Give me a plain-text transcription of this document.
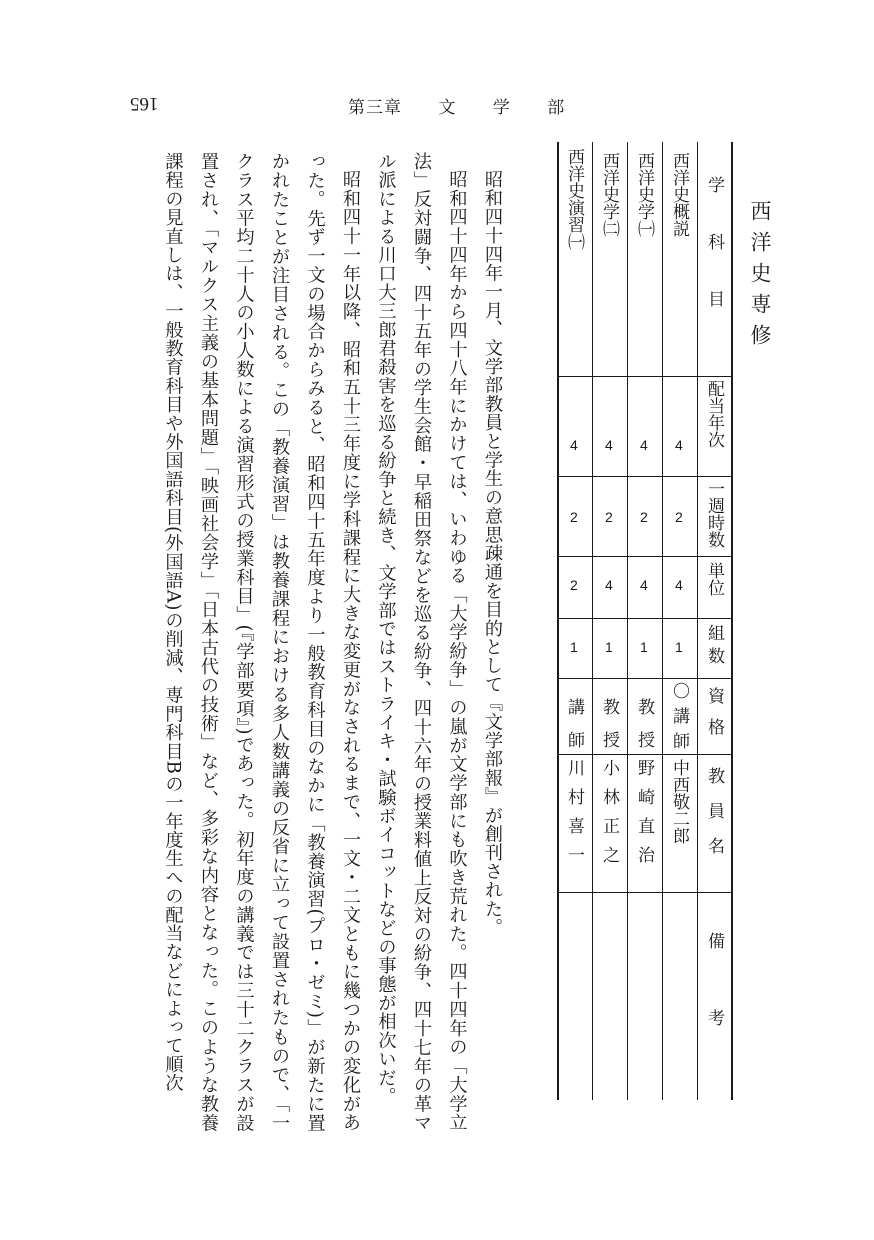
165	第三章 文 学 部
西洋史専修
学科目
配当年次
一週時数
単位
組数
資格
教員名
備考
西洋史概説
4
2
4
1
〇講師
中西敬二郎
西洋史学㈠
4
2
4
1
教授
野崎直治
西洋史学㈡
4
2
4
1
教授
小林正之
西洋史演習㈠
4
2
2
1
講師
川村喜一

昭和四十四年一月、文学部教員と学生の意思疎通を目的として『文学部報』が創刊された。

昭和四十四年から四十八年にかけては、いわゆる「大学紛争」の嵐が文学部にも吹き荒れた。四十四年の「大学立法」反対闘争、四十五年の学生会館・早稲田祭などを巡る紛争、四十六年の授業料値上反対の紛争、四十七年の革マル派による川口大三郎君殺害を巡る紛争と続き、文学部ではストライキ・試験ボイコットなどの事態が相次いだ。

昭和四十一年以降、昭和五十三年度に学科課程に大きな変更がなされるまで、一文・二文ともに幾つかの変化があった。先ず一文の場合からみると、昭和四十五年度より一般教育科目のなかに「教養演習(プロ・ゼミ)」が新たに置かれたことが注目される。この「教養演習」は教養課程における多人数講義の反省に立って設置されたもので、「一クラス平均二十人の小人数による演習形式の授業科目」(『学部要項』)であった。初年度の講義では三十二クラスが設置され、「マルクス主義の基本問題」「映画社会学」「日本古代の技術」など、多彩な内容となった。このような教養課程の見直しは、一般教育科目や外国語科目(外国語A)の削減、専門科目Bの一年度生への配当などによって順次
